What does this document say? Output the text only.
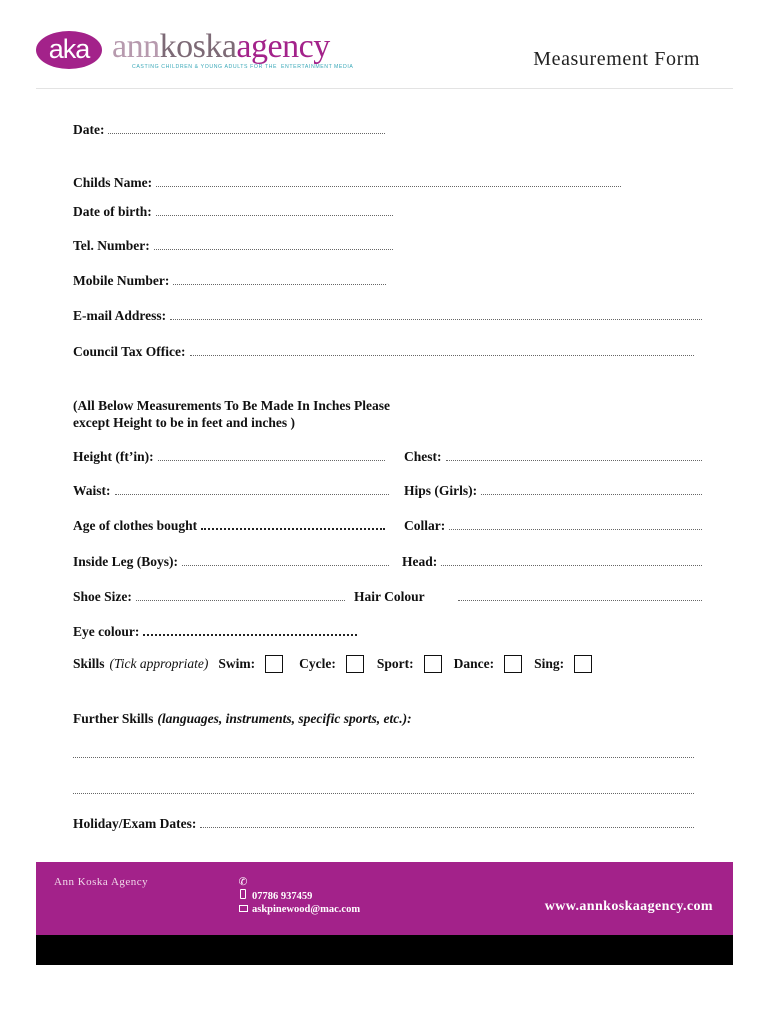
aka annkoskaagency
CASTING CHILDREN & YOUNG ADULTS FOR THE ENTERTAINMENT MEDIA	Measurement Form
Date:
Childs Name:
Date of birth:
Tel. Number:
Mobile Number:
E-mail Address:
Council Tax Office:
(All Below Measurements To Be Made In Inches Please
except Height to be in feet and inches )
Height (ft’in):	Chest:
Waist:	Hips (Girls):
Age of clothes bought	Collar:
Inside Leg (Boys):	Head:
Shoe Size:	Hair Colour
Eye colour:
Skills (Tick appropriate) Swim:	Cycle:	Sport:	Dance:	Sing:
Further Skills (languages, instruments, specific sports, etc.):
Holiday/Exam Dates:
Ann Koska Agency	✆
07786 937459
askpinewood@mac.com	www.annkoskaagency.com
